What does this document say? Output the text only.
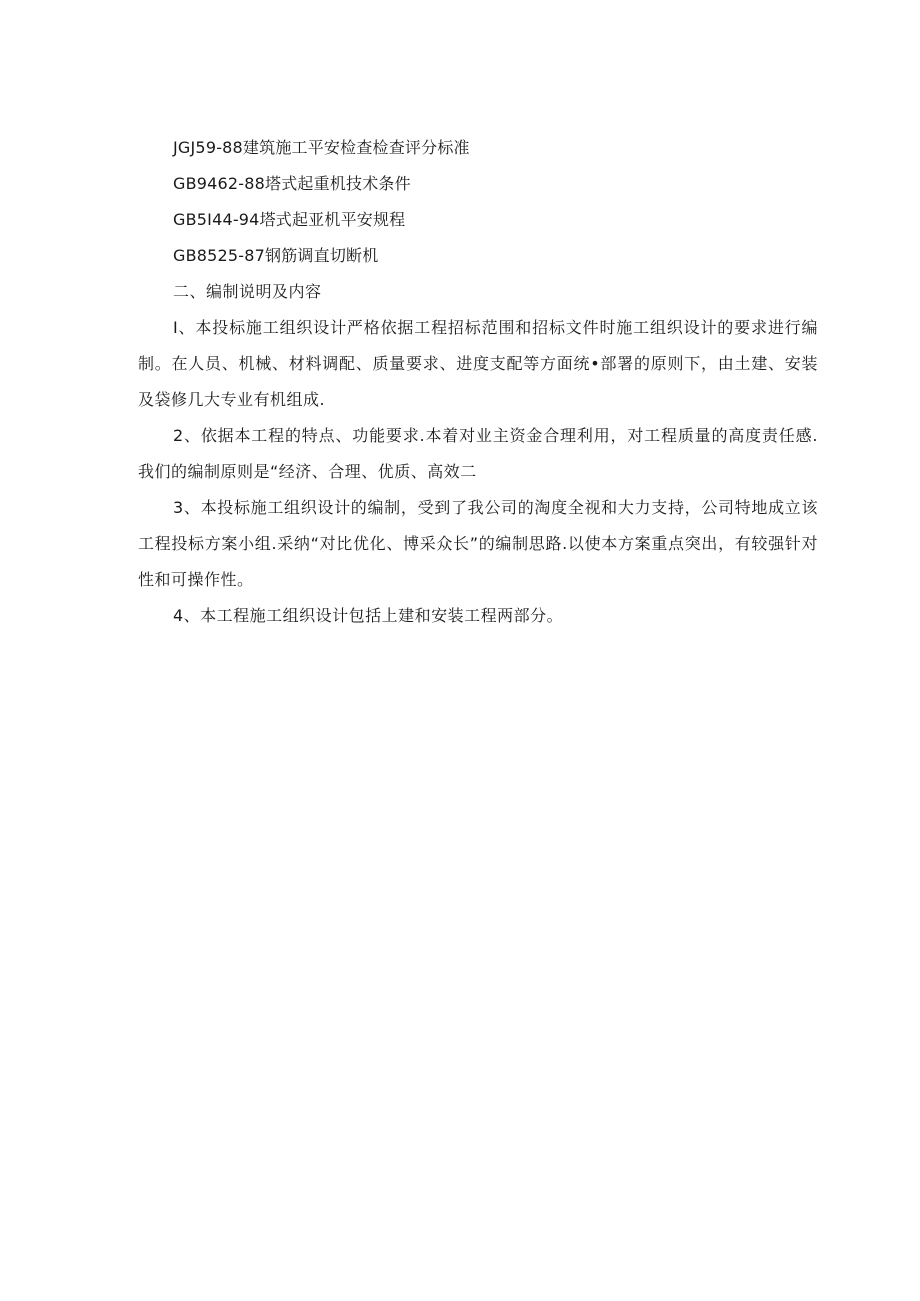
JGJ59-88建筑施工平安检查检查评分标准
GB9462-88塔式起重机技术条件
GB5I44-94塔式起亚机平安规程
GB8525-87钢筋调直切断机
二、编制说明及内容

I、本投标施工组织设计严格依据工程招标范围和招标文件时施工组织设计的要求进行编制。在人员、机械、材料调配、质量要求、进度支配等方面统•部署的原则下，由土建、安装及袋修几大专业有机组成.

2、依据本工程的特点、功能要求.本着对业主资金合理利用，对工程质量的高度责任感.我们的编制原则是“经济、合理、优质、高效二

3、本投标施工组织设计的编制，受到了我公司的淘度全视和大力支持，公司特地成立该工程投标方案小组.采纳“对比优化、博采众长”的编制思路.以使本方案重点突出，有较强针对性和可操作性。

4、本工程施工组织设计包括上建和安装工程两部分。
